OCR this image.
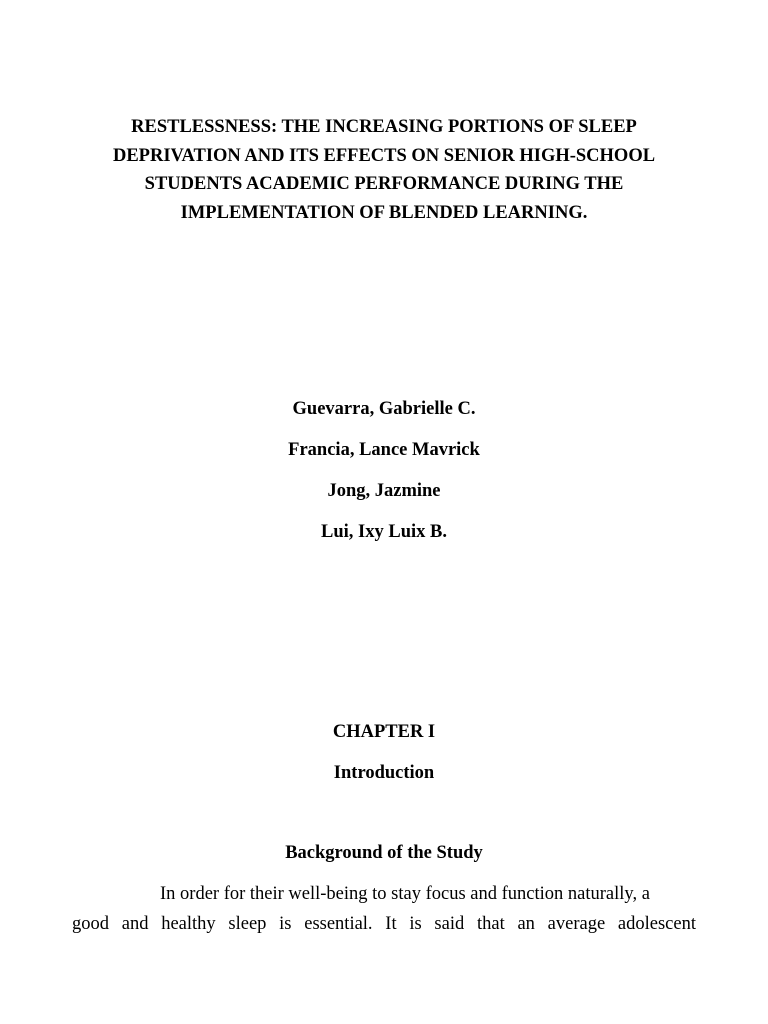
RESTLESSNESS: THE INCREASING PORTIONS OF SLEEP
DEPRIVATION AND ITS EFFECTS ON SENIOR HIGH-SCHOOL
STUDENTS ACADEMIC PERFORMANCE DURING THE
IMPLEMENTATION OF BLENDED LEARNING.
Guevarra, Gabrielle C.
Francia, Lance Mavrick
Jong, Jazmine
Lui, Ixy Luix B.
CHAPTER I
Introduction
Background of the Study
In order for their well-being to stay focus and function naturally, a
good and healthy sleep is essential. It is said that an average adolescent
